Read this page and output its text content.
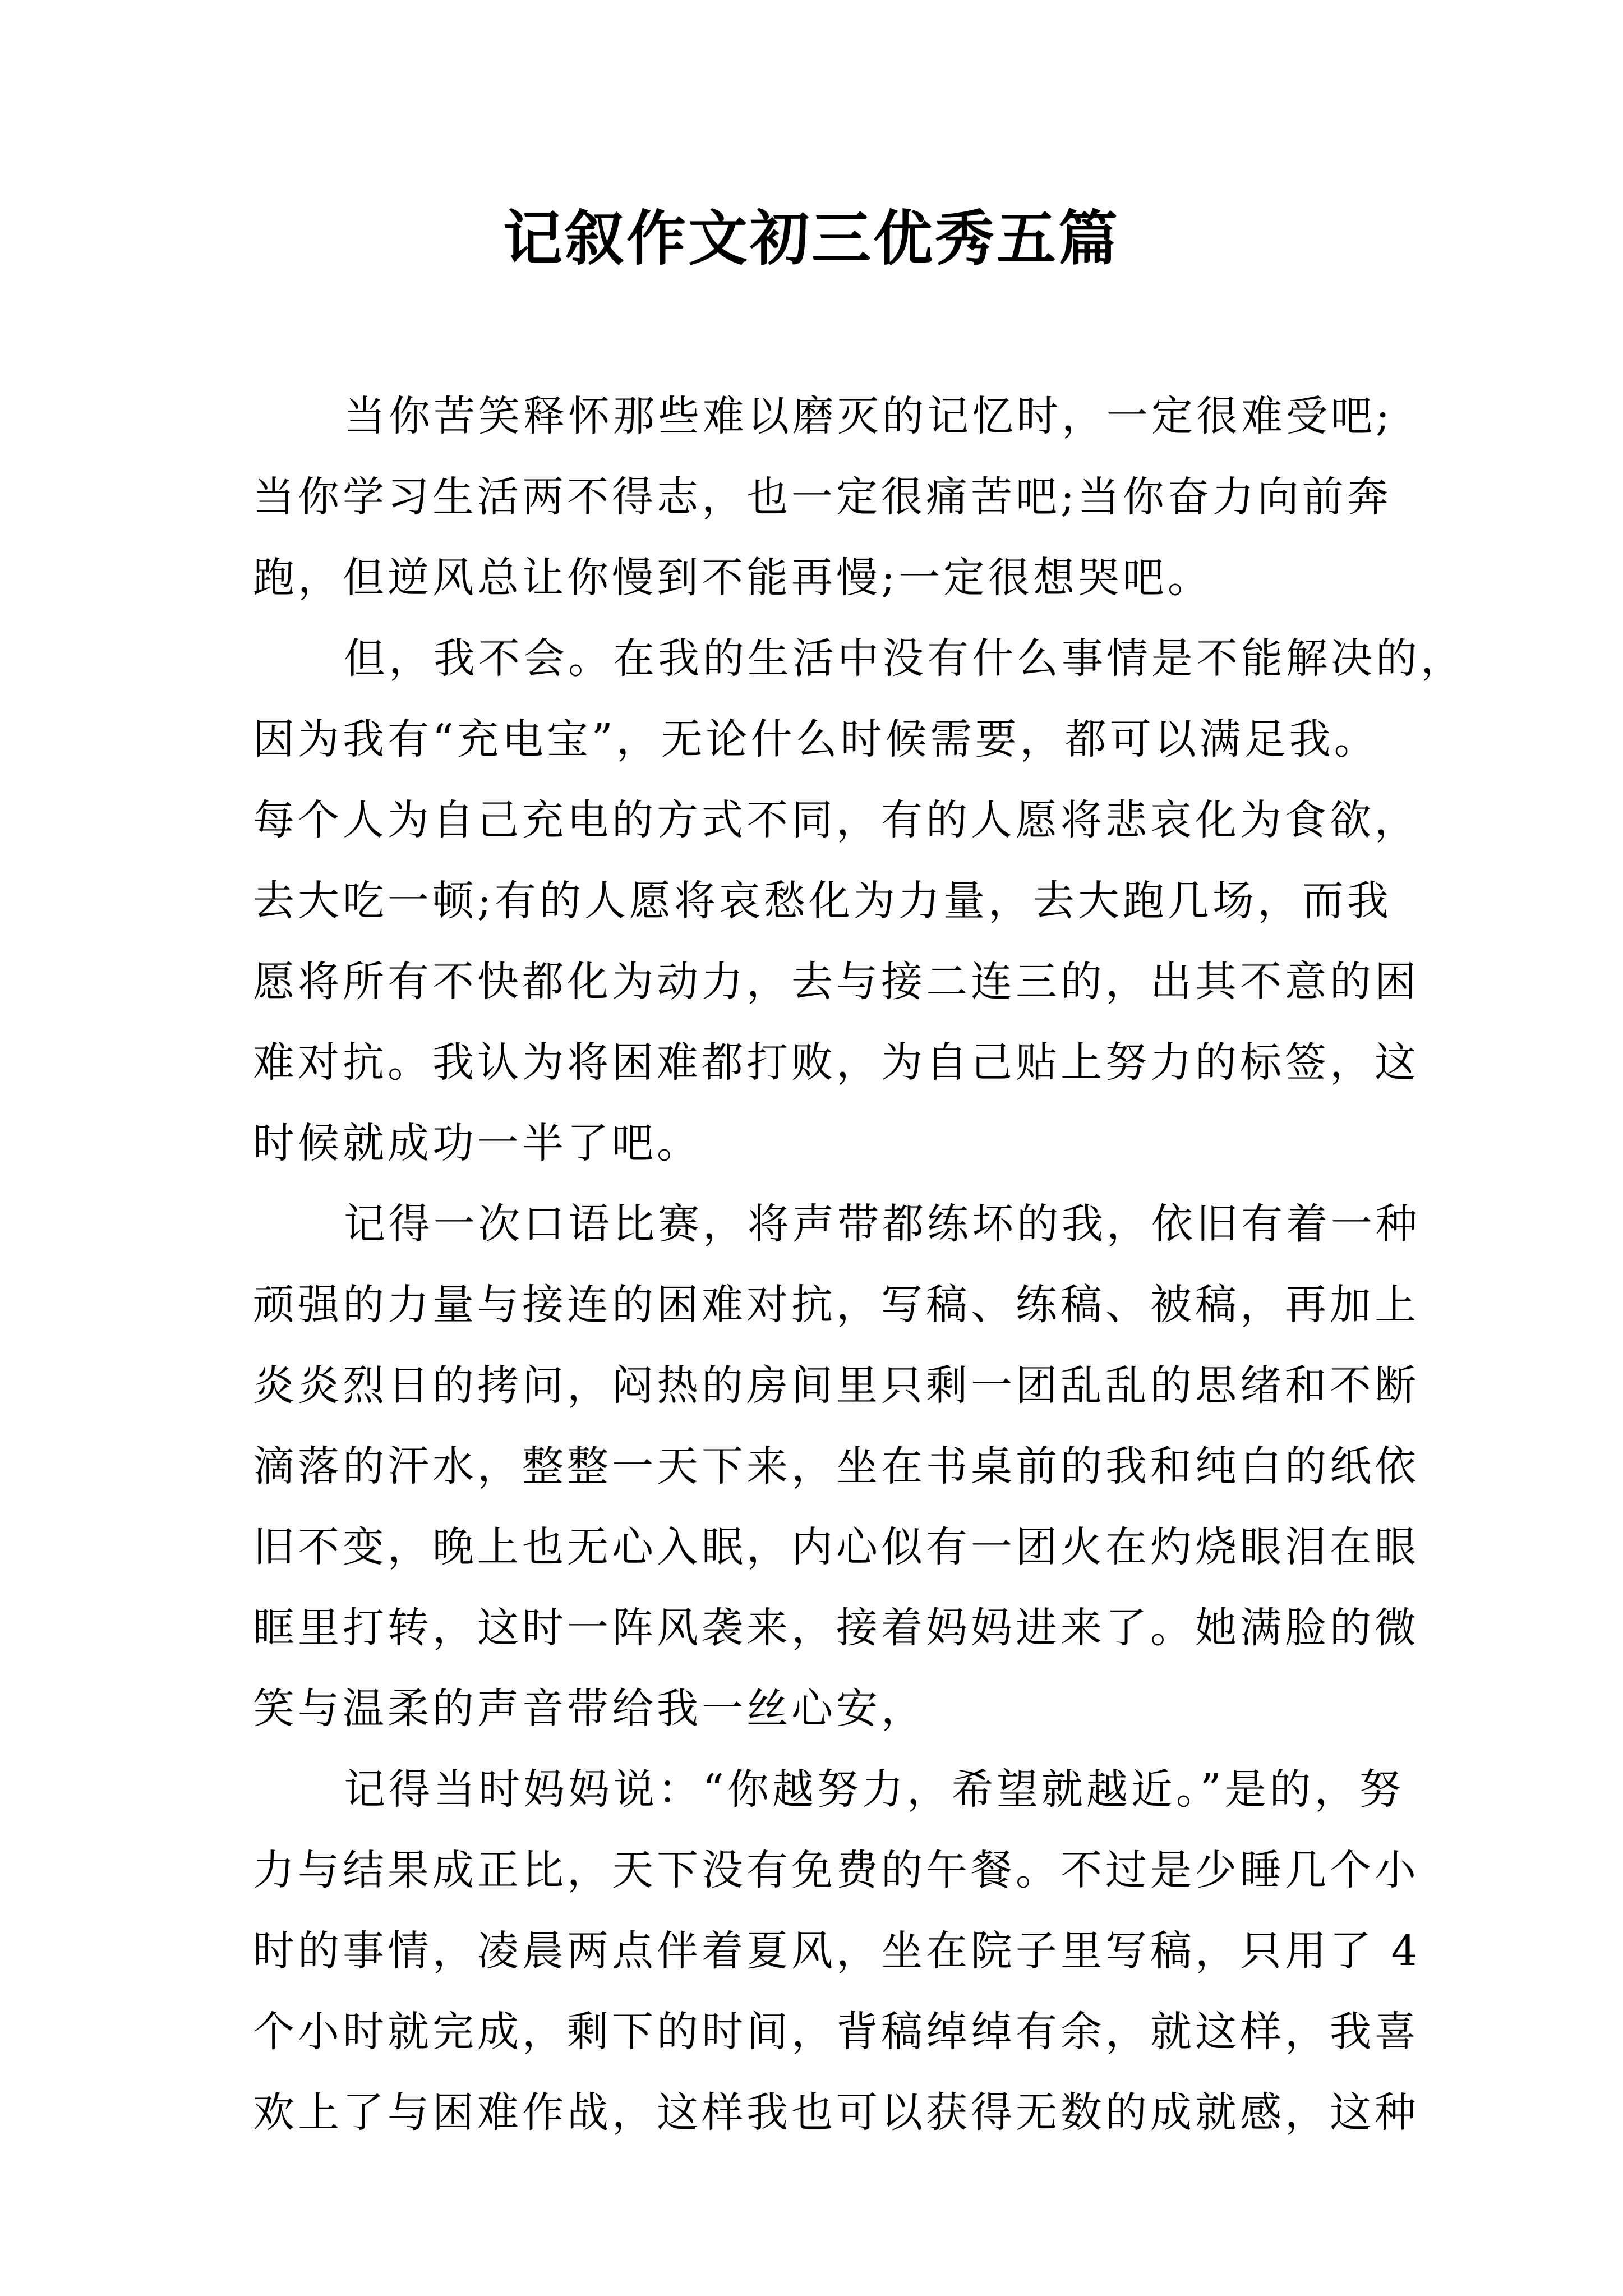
记叙作文初三优秀五篇

当你苦笑释怀那些难以磨灭的记忆时，一定很难受吧;
当你学习生活两不得志，也一定很痛苦吧;当你奋力向前奔
跑，但逆风总让你慢到不能再慢;一定很想哭吧。

但，我不会。在我的生活中没有什么事情是不能解决的，
因为我有“充电宝”，无论什么时候需要，都可以满足我。
每个人为自己充电的方式不同，有的人愿将悲哀化为食欲，
去大吃一顿;有的人愿将哀愁化为力量，去大跑几场，而我
愿将所有不快都化为动力，去与接二连三的，出其不意的困
难对抗。我认为将困难都打败，为自己贴上努力的标签，这
时候就成功一半了吧。

记得一次口语比赛，将声带都练坏的我，依旧有着一种
顽强的力量与接连的困难对抗，写稿、练稿、被稿，再加上
炎炎烈日的拷问，闷热的房间里只剩一团乱乱的思绪和不断
滴落的汗水，整整一天下来，坐在书桌前的我和纯白的纸依
旧不变，晚上也无心入眠，内心似有一团火在灼烧眼泪在眼
眶里打转，这时一阵风袭来，接着妈妈进来了。她满脸的微
笑与温柔的声音带给我一丝心安，

记得当时妈妈说：“你越努力，希望就越近。”是的，努
力与结果成正比，天下没有免费的午餐。不过是少睡几个小
时的事情，凌晨两点伴着夏风，坐在院子里写稿，只用了 4
个小时就完成，剩下的时间，背稿绰绰有余，就这样，我喜
欢上了与困难作战，这样我也可以获得无数的成就感，这种
